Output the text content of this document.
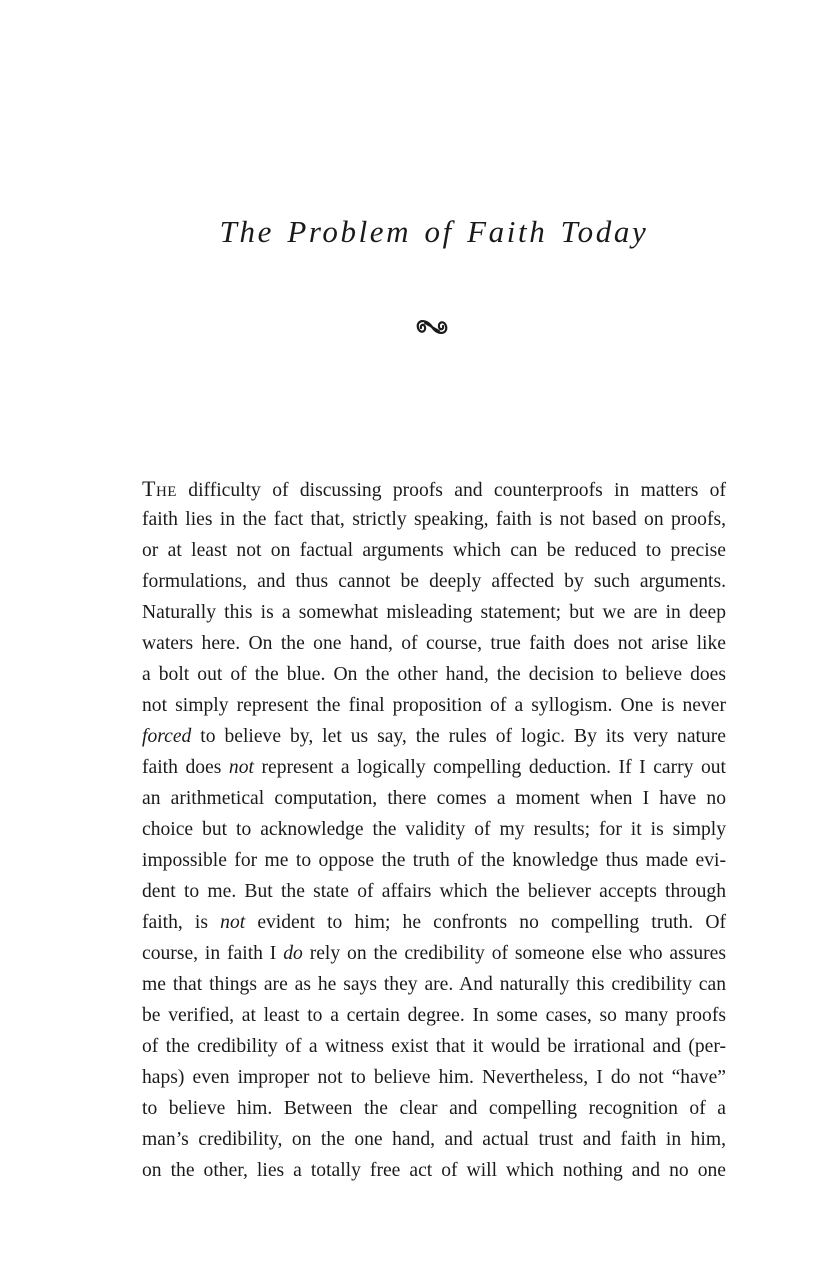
The Problem of Faith Today
The difficulty of discussing proofs and counterproofs in matters of
faith lies in the fact that, strictly speaking, faith is not based on proofs,
or at least not on factual arguments which can be reduced to precise
formulations, and thus cannot be deeply affected by such arguments.
Naturally this is a somewhat misleading statement; but we are in deep
waters here. On the one hand, of course, true faith does not arise like
a bolt out of the blue. On the other hand, the decision to believe does
not simply represent the final proposition of a syllogism. One is never
forced to believe by, let us say, the rules of logic. By its very nature
faith does not represent a logically compelling deduction. If I carry out
an arithmetical computation, there comes a moment when I have no
choice but to acknowledge the validity of my results; for it is simply
impossible for me to oppose the truth of the knowledge thus made evi-
dent to me. But the state of affairs which the believer accepts through
faith, is not evident to him; he confronts no compelling truth. Of
course, in faith I do rely on the credibility of someone else who assures
me that things are as he says they are. And naturally this credibility can
be verified, at least to a certain degree. In some cases, so many proofs
of the credibility of a witness exist that it would be irrational and (per-
haps) even improper not to believe him. Nevertheless, I do not “have”
to believe him. Between the clear and compelling recognition of a
man’s credibility, on the one hand, and actual trust and faith in him,
on the other, lies a totally free act of will which nothing and no one
